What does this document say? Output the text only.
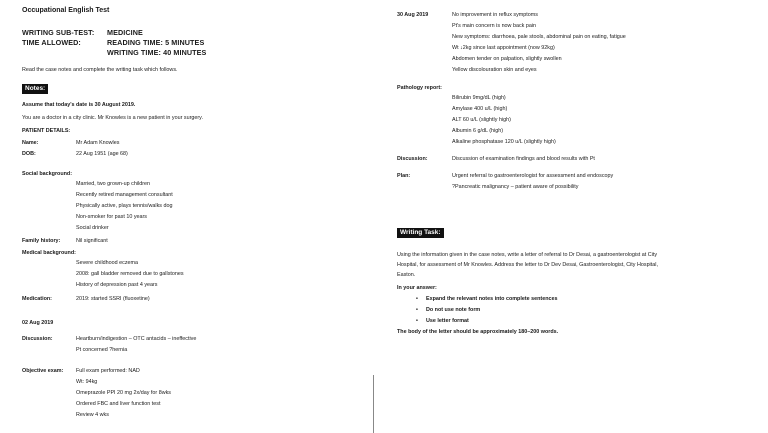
Occupational English Test
WRITING SUB-TEST: MEDICINE
TIME ALLOWED:	READING TIME: 5 MINUTES
WRITING TIME: 40 MINUTES
Read the case notes and complete the writing task which follows.
Notes:
Assume that today's date is 30 August 2019.
You are a doctor in a city clinic. Mr Knowles is a new patient in your surgery.
PATIENT DETAILS:
Name:	Mr Adam Knowles
DOB:	22 Aug 1951 (age 68)
Social background:
Married, two grown-up children
Recently retired management consultant
Physically active, plays tennis/walks dog
Non-smoker for past 10 years
Social drinker
Family history:	Nil significant
Medical background:
Severe childhood eczema
2008: gall bladder removed due to gallstones
History of depression past 4 years
Medication:	2019: started SSRI (fluoxetine)
02 Aug 2019
Discussion:	Heartburn/indigestion – OTC antacids – ineffective
Pt concerned ?hernia
Objective exam: Full exam performed: NAD
Wt: 94kg
Omeprazole PPI 20 mg 2x/day for 8wks
Ordered FBC and liver function test
Review 4 wks
30 Aug 2019	No improvement in reflux symptoms
Pt's main concern is now back pain
New symptoms: diarrhoea, pale stools, abdominal pain on eating, fatigue
Wt ↓2kg since last appointment (now 92kg)
Abdomen tender on palpation, slightly swollen
Yellow discolouration skin and eyes
Pathology report:
Bilirubin 9mg/dL (high)
Amylase 400 u/L (high)
ALT 60 u/L (slightly high)
Albumin 6 g/dL (high)
Alkaline phosphatase 120 u/L (slightly high)
Discussion:	Discussion of examination findings and blood results with Pt
Plan:	Urgent referral to gastroenterologist for assessment and endoscopy
?Pancreatic malignancy – patient aware of possibility
Writing Task:
Using the information given in the case notes, write a letter of referral to Dr Desai, a gastroenterologist at City
Hospital, for assessment of Mr Knowles. Address the letter to Dr Dev Desai, Gastroenterologist, City Hospital,
Easton.
In your answer:
• Expand the relevant notes into complete sentences
• Do not use note form
• Use letter format
The body of the letter should be approximately 180–200 words.
